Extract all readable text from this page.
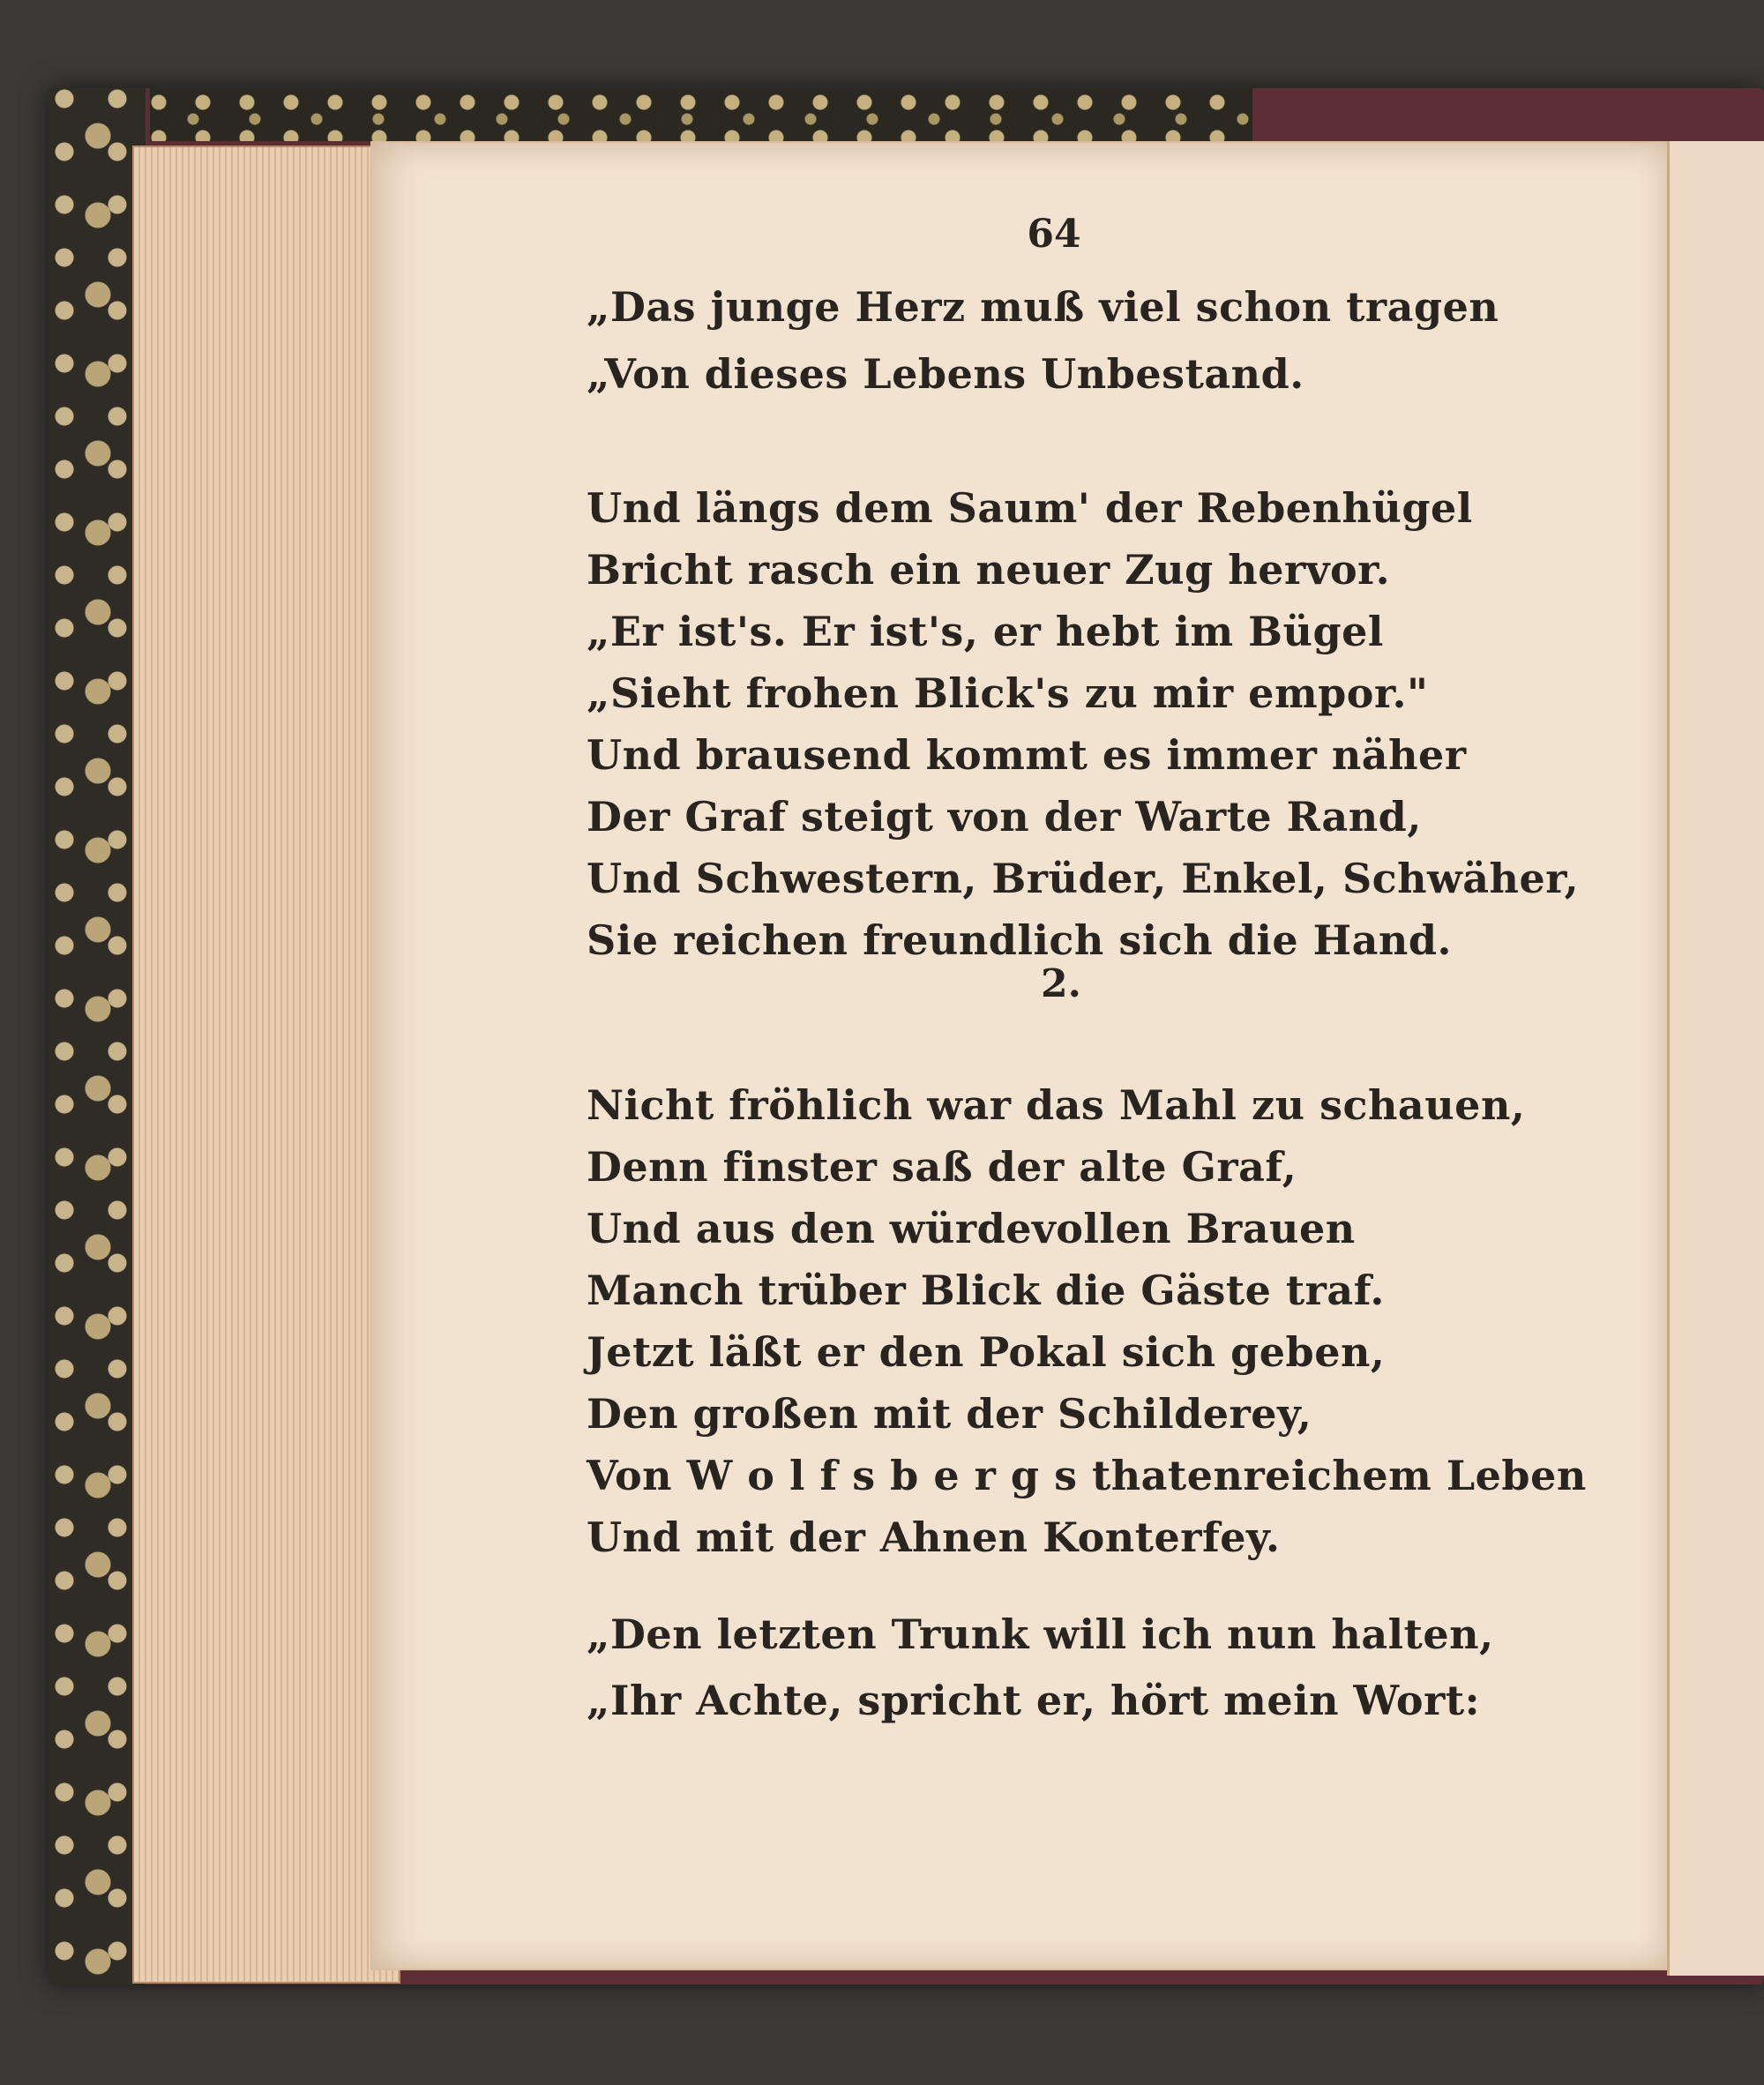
64
„Das junge Herz muß viel schon tragen
„Von dieses Lebens Unbestand.
Und längs dem Saum' der Rebenhügel
Bricht rasch ein neuer Zug hervor.
„Er ist's. Er ist's, er hebt im Bügel
„Sieht frohen Blick's zu mir empor."
Und brausend kommt es immer näher
Der Graf steigt von der Warte Rand,
Und Schwestern, Brüder, Enkel, Schwäher,
Sie reichen freundlich sich die Hand.
2.
Nicht fröhlich war das Mahl zu schauen,
Denn finster saß der alte Graf,
Und aus den würdevollen Brauen
Manch trüber Blick die Gäste traf.
Jetzt läßt er den Pokal sich geben,
Den großen mit der Schilderey,
Von W o l f s b e r g s thatenreichem Leben
Und mit der Ahnen Konterfey.
„Den letzten Trunk will ich nun halten,
„Ihr Achte, spricht er, hört mein Wort:
